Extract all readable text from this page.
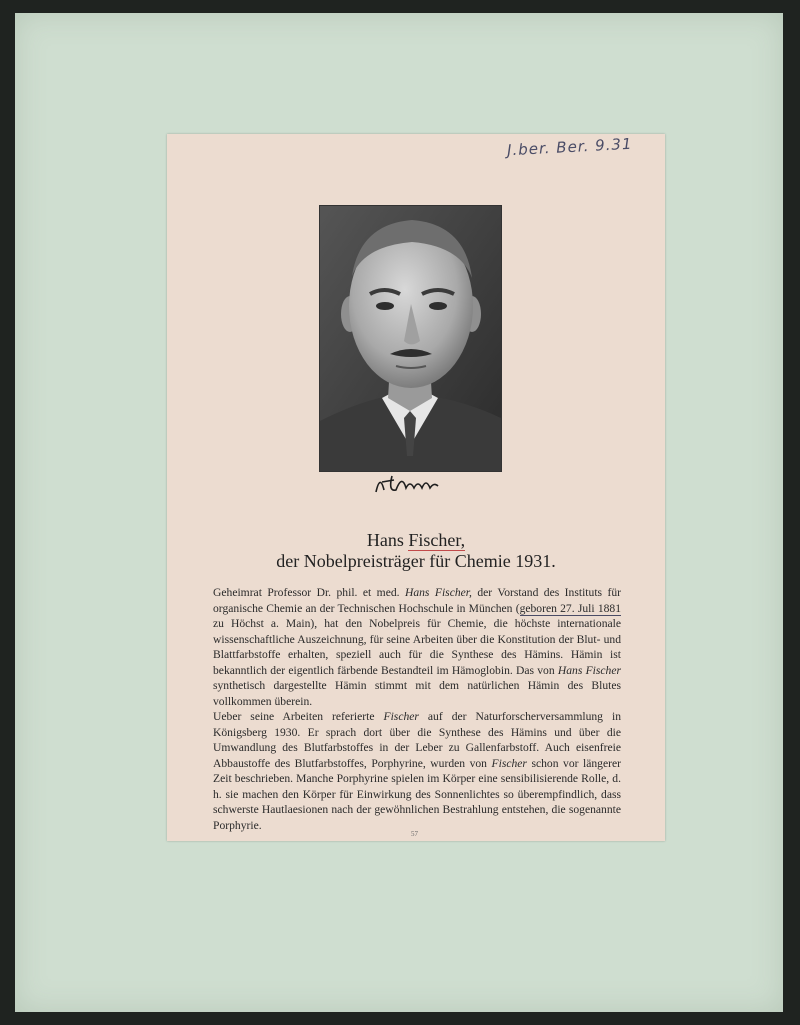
J.ber. Ber. 9.31
Hans Fischer,
der Nobelpreisträger für Chemie 1931.

Geheimrat Professor Dr. phil. et med. Hans Fischer, der Vorstand des Instituts für organische Chemie an der Technischen Hochschule in München (geboren 27. Juli 1881 zu Höchst a. Main), hat den Nobelpreis für Chemie, die höchste internationale wissenschaftliche Auszeichnung, für seine Arbeiten über die Konstitution der Blut- und Blattfarbstoffe erhalten, speziell auch für die Synthese des Hämins. Hämin ist bekanntlich der eigentlich färbende Bestandteil im Hämoglobin. Das von Hans Fischer synthetisch dargestellte Hämin stimmt mit dem natürlichen Hämin des Blutes vollkommen überein.

Ueber seine Arbeiten referierte Fischer auf der Naturforscherversammlung in Königsberg 1930. Er sprach dort über die Synthese des Hämins und über die Umwandlung des Blutfarbstoffes in der Leber zu Gallenfarbstoff. Auch eisenfreie Abbaustoffe des Blutfarbstoffes, Porphyrine, wurden von Fischer schon vor längerer Zeit beschrieben. Manche Porphyrine spielen im Körper eine sensibilisierende Rolle, d. h. sie machen den Körper für Einwirkung des Sonnenlichtes so überempfindlich, dass schwerste Hautlaesionen nach der gewöhnlichen Bestrahlung entstehen, die sogenannte Porphyrie.

57
